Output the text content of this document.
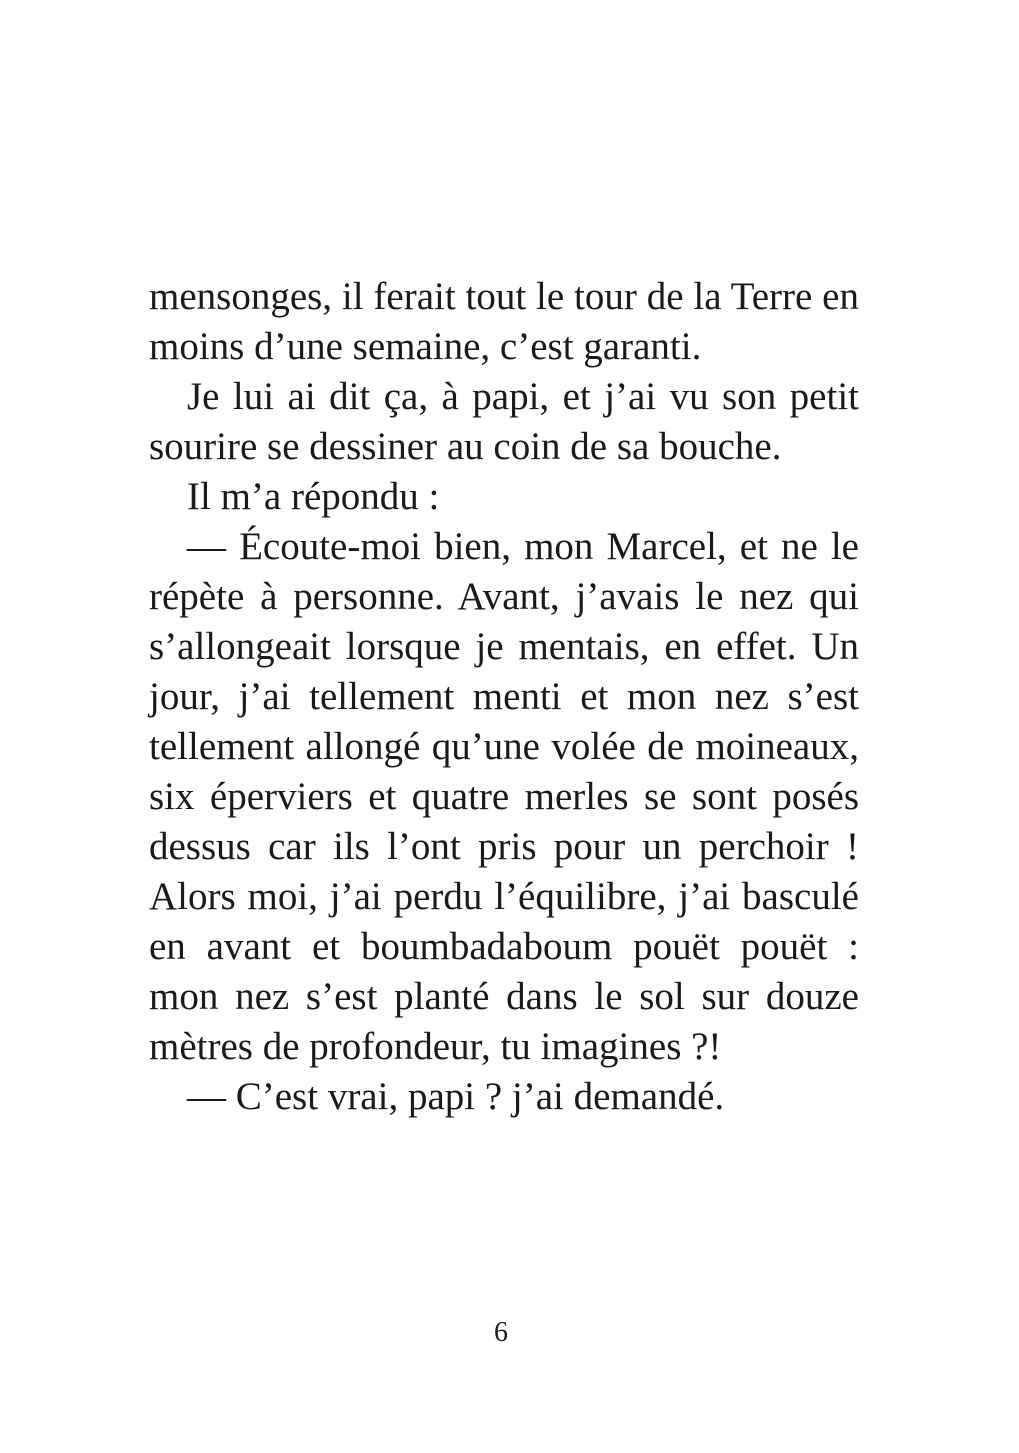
mensonges, il ferait tout le tour de la Terre en moins d’une semaine, c’est garanti.

Je lui ai dit ça, à papi, et j’ai vu son petit sourire se dessiner au coin de sa bouche.

Il m’a répondu :

— Écoute-moi bien, mon Marcel, et ne le répète à personne. Avant, j’avais le nez qui s’allongeait lorsque je mentais, en effet. Un jour, j’ai tellement menti et mon nez s’est tellement allongé qu’une volée de moineaux, six éperviers et quatre merles se sont posés dessus car ils l’ont pris pour un perchoir ! Alors moi, j’ai perdu l’équilibre, j’ai basculé en avant et boumbadaboum pouët pouët : mon nez s’est planté dans le sol sur douze mètres de profondeur, tu imagines ?!

— C’est vrai, papi ? j’ai demandé.

6
